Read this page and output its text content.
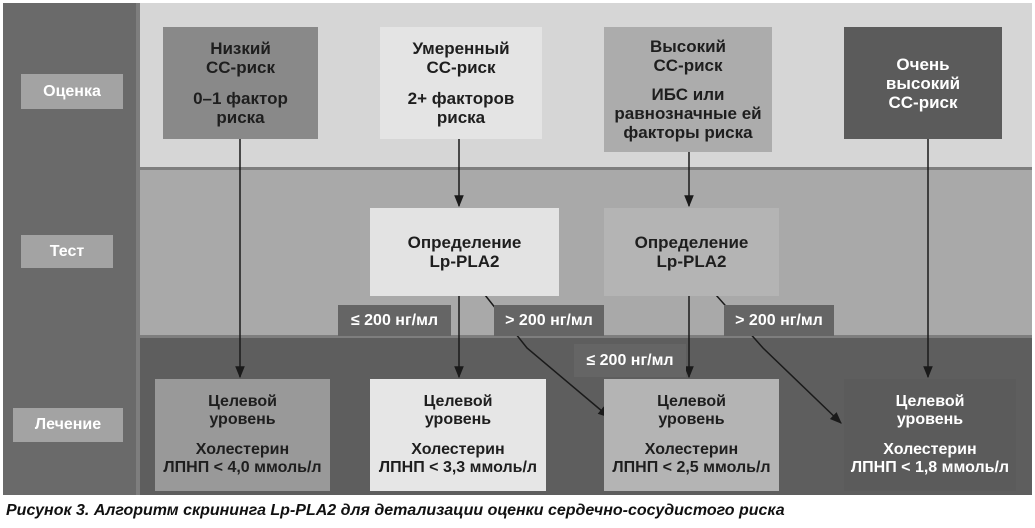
Оценка
Тест
Лечение
Низкий
СС-риск
0–1 фактор
риска
Умеренный
СС-риск
2+ факторов
риска
Высокий
СС-риск
ИБС или
равнозначные ей
факторы риска
Очень
высокий
СС-риск
Определение
Lp-PLA2
Определение
Lp-PLA2
≤ 200 нг/мл	> 200 нг/мл
≤ 200 нг/мл
> 200 нг/мл
Целевой
уровень
Холестерин
ЛПНП < 4,0 ммоль/л
Целевой
уровень
Холестерин
ЛПНП < 3,3 ммоль/л
Целевой
уровень
Холестерин
ЛПНП < 2,5 ммоль/л
Целевой
уровень
Холестерин
ЛПНП < 1,8 ммоль/л
Рисунок 3. Алгоритм скрининга Lp-PLA2 для детализации оценки сердечно-сосудистого риска
